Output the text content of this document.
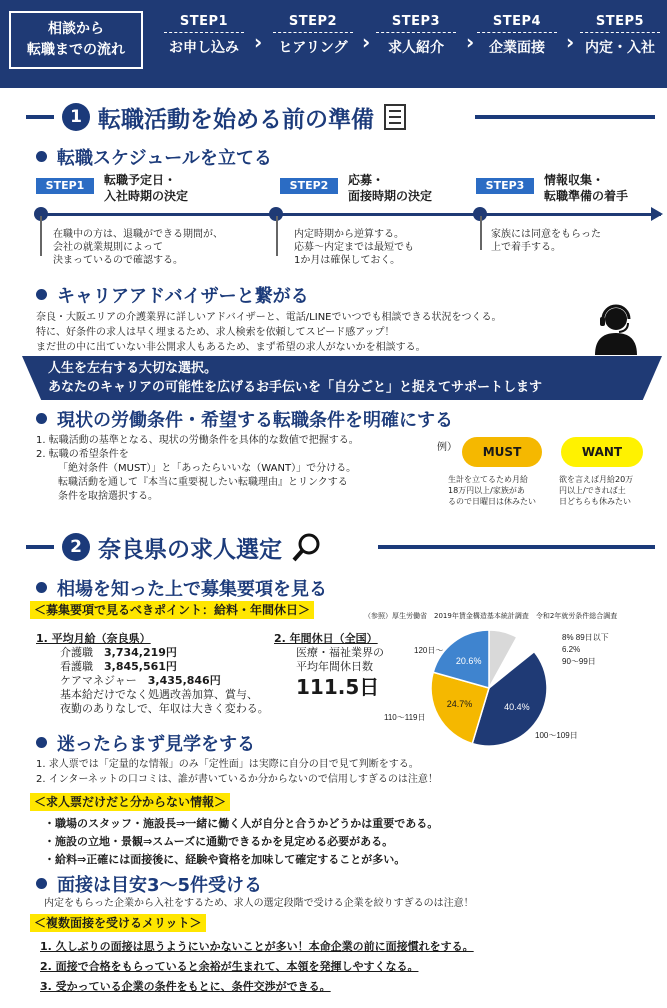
相談から
転職までの流れ
STEP1
お申し込み ›
STEP2
ヒアリング ›
STEP3
求人紹介	›
STEP4
企業面接	›
STEP5
内定・入社
1 転職活動を始める前の準備
転職スケジュールを立てる
STEP1	転職予定日・
入社時期の決定
STEP2	応募・
面接時期の決定
STEP3	情報収集・
転職準備の着手
在職中の方は、退職ができる期間が、
会社の就業規則によって
決まっているので確認する。
内定時期から逆算する。
応募〜内定までは最短でも
1か月は確保しておく。
家族には同意をもらった
上で着手する。
キャリアアドバイザーと繋がる
奈良・大阪エリアの介護業界に詳しいアドバイザーと、電話/LINEでいつでも相談できる状況をつくる。
特に、好条件の求人は早く埋まるため、求人検索を依頼してスピード感アップ！
まだ世の中に出ていない非公開求人もあるため、まず希望の求人がないかを相談する。
人生を左右する大切な選択。
あなたのキャリアの可能性を広げるお手伝いを「自分ごと」と捉えてサポートします
現状の労働条件・希望する転職条件を明確にする
1. 転職活動の基準となる、現状の労働条件を具体的な数値で把握する。
2. 転職の希望条件を
「絶対条件（MUST）」と「あったらいいな（WANT）」で分ける。
転職活動を通して『本当に重要視したい転職理由』とリンクする
条件を取捨選択する。
例）	MUST	WANT
生計を立てるため月給
18万円以上/家族があ
るので日曜日は休みたい
欲を言えば月給20万
円以上/できれば土
日どちらも休みたい
2 奈良県の求人選定
相場を知った上で募集要項を見る
＜募集要項で見るべきポイント：給料・年間休日＞	（参照）厚生労働省　2019年賃金構造基本統計調査　令和2年就労条件総合調査
1. 平均月給（奈良県）
介護職　 3,734,219円
看護職　 3,845,561円
ケアマネジャー　 3,435,846円
基本給だけでなく処遇改善加算、賞与、
夜勤のありなしで、年収は大きく変わる。
2. 年間休日（全国）
医療・福祉業界の
平均年間休日数
111.5日
40.4%
24.7%
20.6%
8% 89日以下
6.2%
90〜99日
100〜109日
110〜119日
120日〜
迷ったらまず見学をする
1. 求人票では「定量的な情報」のみ「定性面」は実際に自分の目で見て判断をする。
2. インターネットの口コミは、誰が書いているか分からないので信用しすぎるのは注意！
＜求人票だけだと分からない情報＞
・職場のスタッフ・施設長⇒一緒に働く人が自分と合うかどうかは重要である。
・施設の立地・景観⇒スムーズに通勤できるかを見定める必要がある。
・給料⇒正確には面接後に、経験や資格を加味して確定することが多い。
面接は目安3〜5件受ける
内定をもらった企業から入社をするため、求人の選定段階で受ける企業を絞りすぎるのは注意！
＜複数面接を受けるメリット＞
1. 久しぶりの面接は思うようにいかないことが多い！本命企業の前に面接慣れをする。
2. 面接で合格をもらっていると余裕が生まれて、本領を発揮しやすくなる。
3. 受かっている企業の条件をもとに、条件交渉ができる。
